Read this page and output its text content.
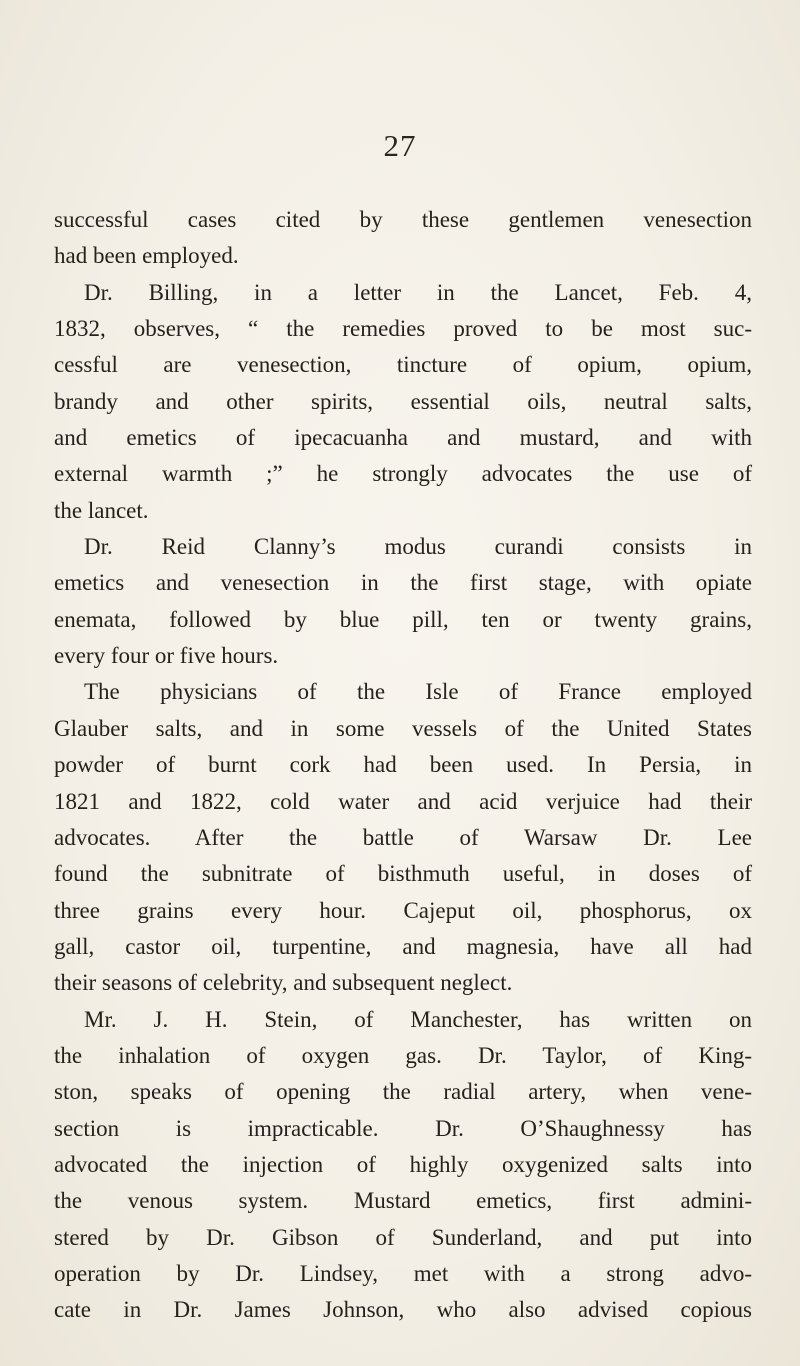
27
successful cases cited by these gentlemen venesection
had been employed.
Dr. Billing, in a letter in the Lancet, Feb. 4,
1832, observes, “ the remedies proved to be most suc-
cessful are venesection, tincture of opium, opium,
brandy and other spirits, essential oils, neutral salts,
and emetics of ipecacuanha and mustard, and with
external warmth ;” he strongly advocates the use of
the lancet.
Dr. Reid Clanny’s modus curandi consists in
emetics and venesection in the first stage, with opiate
enemata, followed by blue pill, ten or twenty grains,
every four or five hours.
The physicians of the Isle of France employed
Glauber salts, and in some vessels of the United States
powder of burnt cork had been used. In Persia, in
1821 and 1822, cold water and acid verjuice had their
advocates. After the battle of Warsaw Dr. Lee
found the subnitrate of bisthmuth useful, in doses of
three grains every hour. Cajeput oil, phosphorus, ox
gall, castor oil, turpentine, and magnesia, have all had
their seasons of celebrity, and subsequent neglect.
Mr. J. H. Stein, of Manchester, has written on
the inhalation of oxygen gas. Dr. Taylor, of King-
ston, speaks of opening the radial artery, when vene-
section is impracticable. Dr. O’Shaughnessy has
advocated the injection of highly oxygenized salts into
the venous system. Mustard emetics, first admini-
stered by Dr. Gibson of Sunderland, and put into
operation by Dr. Lindsey, met with a strong advo-
cate in Dr. James Johnson, who also advised copious
